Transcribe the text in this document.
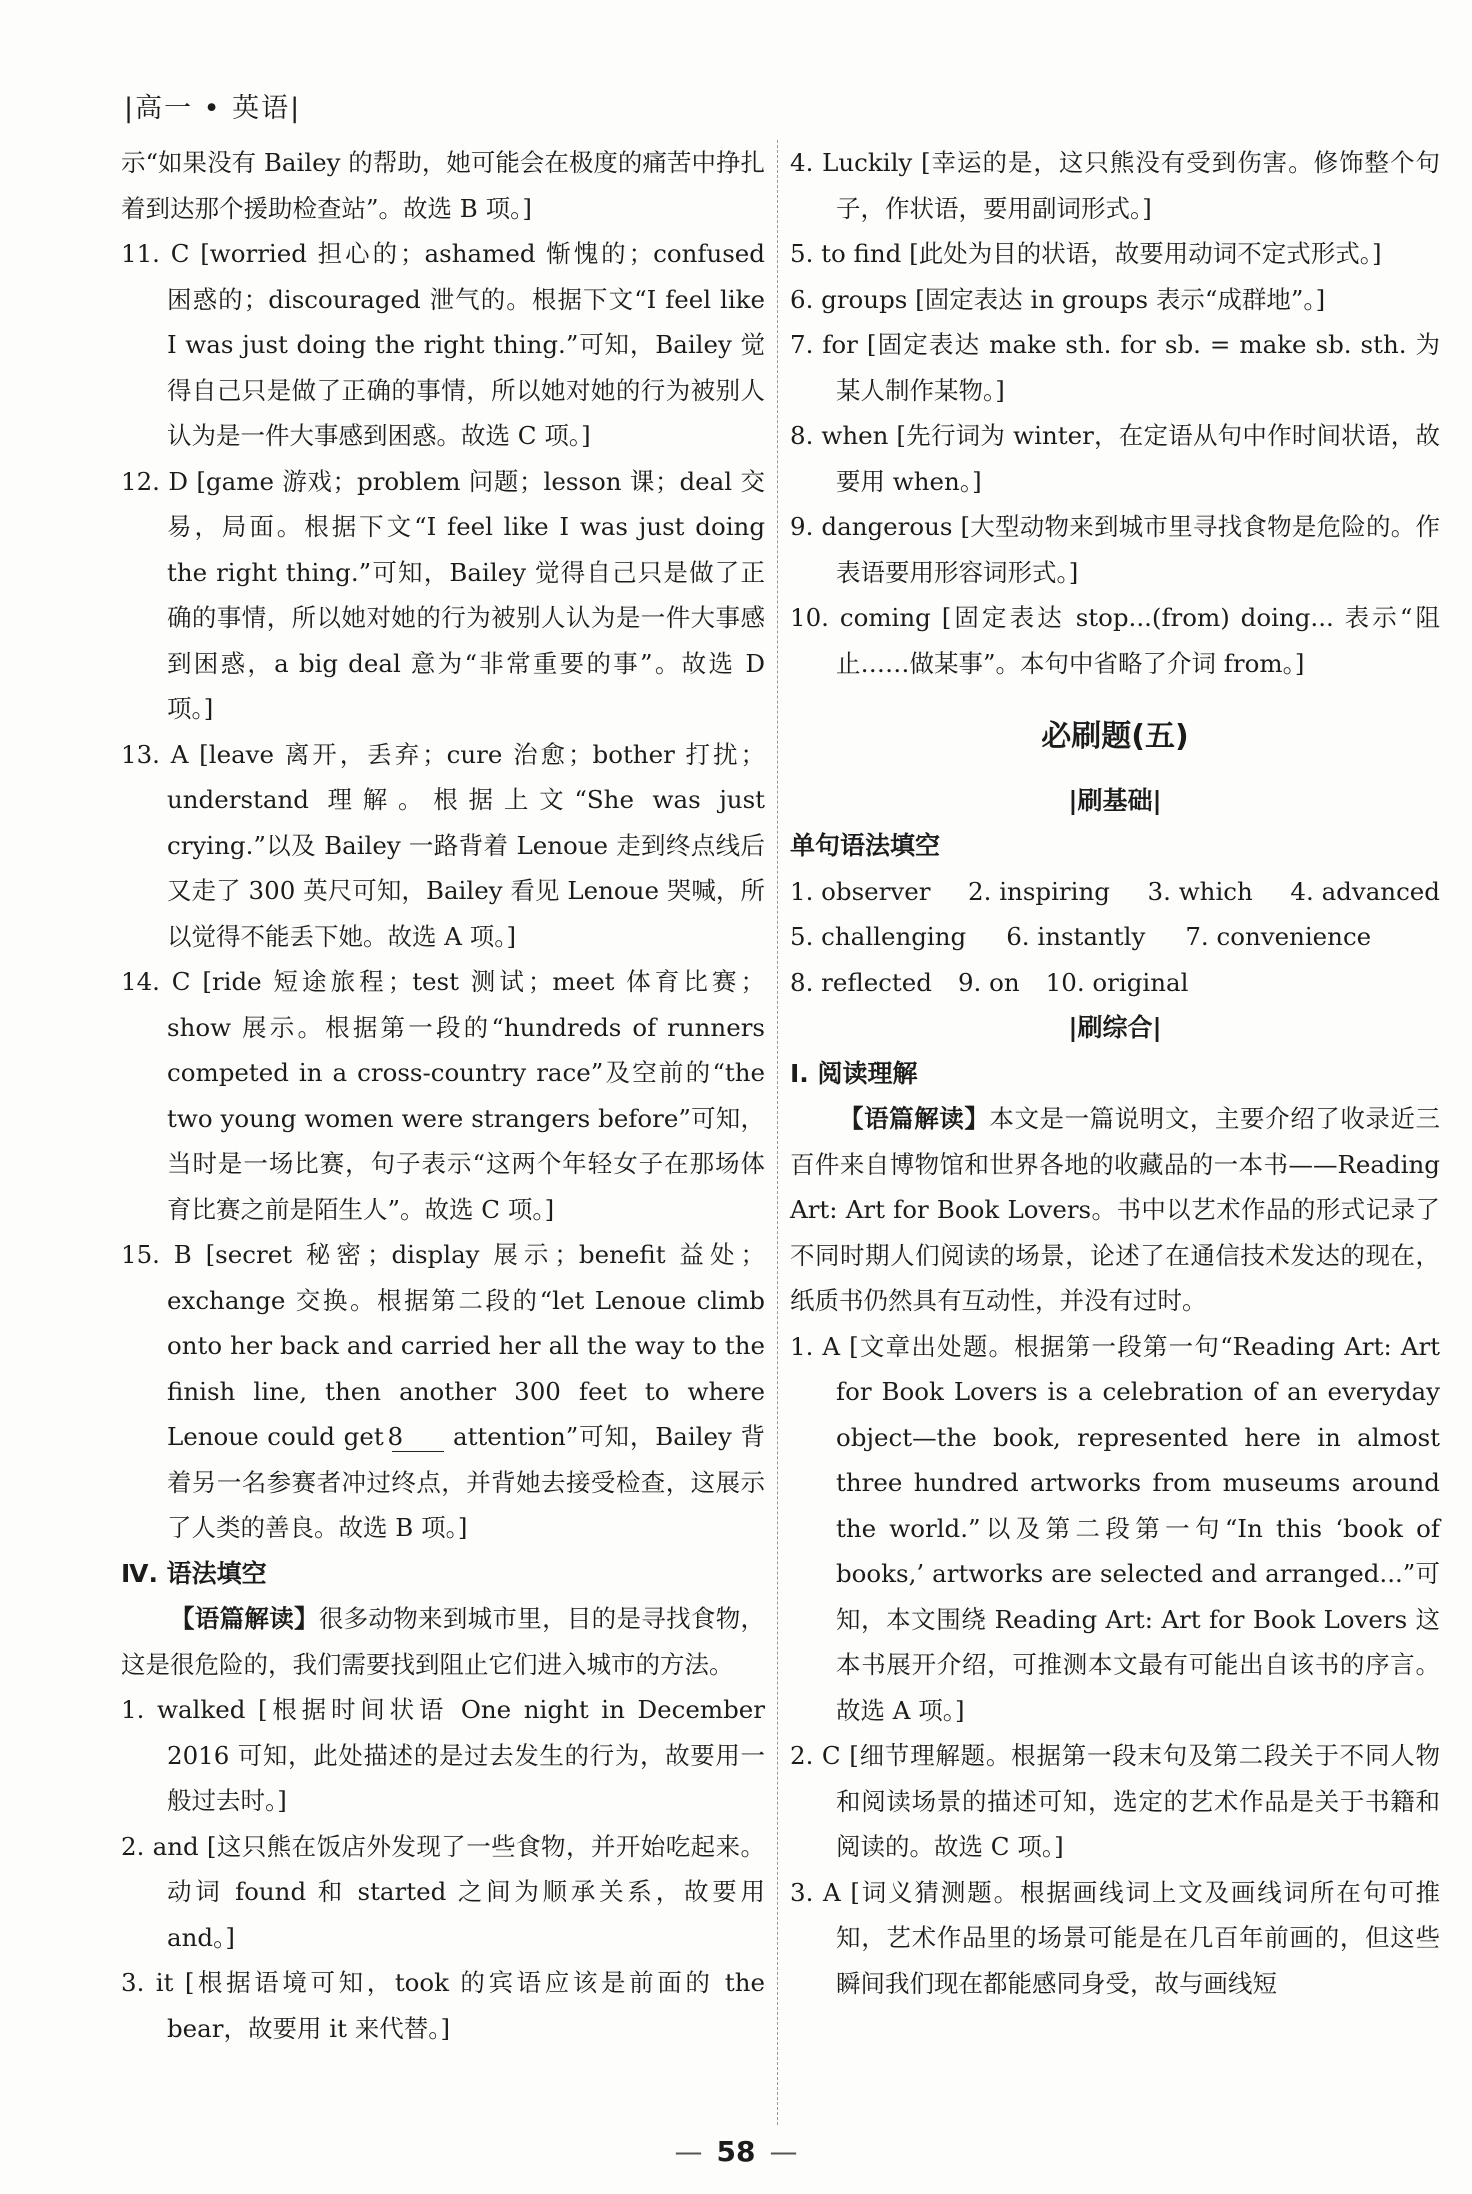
|高一 • 英语|

示“如果没有 Bailey 的帮助，她可能会在极度的痛苦中挣扎着到达那个援助检查站”。故选 B 项。]

11. C [worried 担心的；ashamed 惭愧的；confused 困惑的；discouraged 泄气的。根据下文“I feel like I was just doing the right thing.”可知，Bailey 觉得自己只是做了正确的事情，所以她对她的行为被别人认为是一件大事感到困惑。故选 C 项。]

12. D [game 游戏；problem 问题；lesson 课；deal 交易，局面。根据下文“I feel like I was just doing the right thing.”可知，Bailey 觉得自己只是做了正确的事情，所以她对她的行为被别人认为是一件大事感到困惑，a big deal 意为“非常重要的事”。故选 D 项。]

13. A [leave 离开，丢弃；cure 治愈；bother 打扰；understand 理解。根据上文“She was just crying.”以及 Bailey 一路背着 Lenoue 走到终点线后又走了 300 英尺可知，Bailey 看见 Lenoue 哭喊，所以觉得不能丢下她。故选 A 项。]

14. C [ride 短途旅程；test 测试；meet 体育比赛；show 展示。根据第一段的“hundreds of runners competed in a cross-country race”及空前的“the two young women were strangers before”可知，当时是一场比赛，句子表示“这两个年轻女子在那场体育比赛之前是陌生人”。故选 C 项。]

15. B [secret 秘密；display 展示；benefit 益处；exchange 交换。根据第二段的“let Lenoue climb onto her back and carried her all the way to the finish line, then another 300 feet to where Lenoue could get 8 attention”可知，Bailey 背着另一名参赛者冲过终点，并背她去接受检查，这展示了人类的善良。故选 B 项。]

Ⅳ. 语法填空

【语篇解读】很多动物来到城市里，目的是寻找食物，这是很危险的，我们需要找到阻止它们进入城市的方法。

1. walked [根据时间状语 One night in December 2016 可知，此处描述的是过去发生的行为，故要用一般过去时。]

2. and [这只熊在饭店外发现了一些食物，并开始吃起来。动词 found 和 started 之间为顺承关系，故要用 and。]

3. it [根据语境可知，took 的宾语应该是前面的 the bear，故要用 it 来代替。]

4. Luckily [幸运的是，这只熊没有受到伤害。修饰整个句子，作状语，要用副词形式。]

5. to find [此处为目的状语，故要用动词不定式形式。]

6. groups [固定表达 in groups 表示“成群地”。]

7. for [固定表达 make sth. for sb. = make sb. sth. 为某人制作某物。]

8. when [先行词为 winter，在定语从句中作时间状语，故要用 when。]

9. dangerous [大型动物来到城市里寻找食物是危险的。作表语要用形容词形式。]

10. coming [固定表达 stop...(from) doing... 表示“阻止……做某事”。本句中省略了介词 from。]

必刷题(五)
|刷基础|

单句语法填空

1. observer 2. inspiring 3. which 4. advanced
5. challenging 6. instantly 7. convenience
8. reflected 9. on 10. original
|刷综合|

Ⅰ. 阅读理解

【语篇解读】本文是一篇说明文，主要介绍了收录近三百件来自博物馆和世界各地的收藏品的一本书——Reading Art: Art for Book Lovers。书中以艺术作品的形式记录了不同时期人们阅读的场景，论述了在通信技术发达的现在，纸质书仍然具有互动性，并没有过时。

1. A [文章出处题。根据第一段第一句“Reading Art: Art for Book Lovers is a celebration of an everyday object—the book, represented here in almost three hundred artworks from museums around the world.”以及第二段第一句“In this ‘book of books,’ artworks are selected and arranged...”可知，本文围绕 Reading Art: Art for Book Lovers 这本书展开介绍，可推测本文最有可能出自该书的序言。故选 A 项。]

2. C [细节理解题。根据第一段末句及第二段关于不同人物和阅读场景的描述可知，选定的艺术作品是关于书籍和阅读的。故选 C 项。]

3. A [词义猜测题。根据画线词上文及画线词所在句可推知，艺术作品里的场景可能是在几百年前画的，但这些瞬间我们现在都能感同身受，故与画线短

— 58 —
